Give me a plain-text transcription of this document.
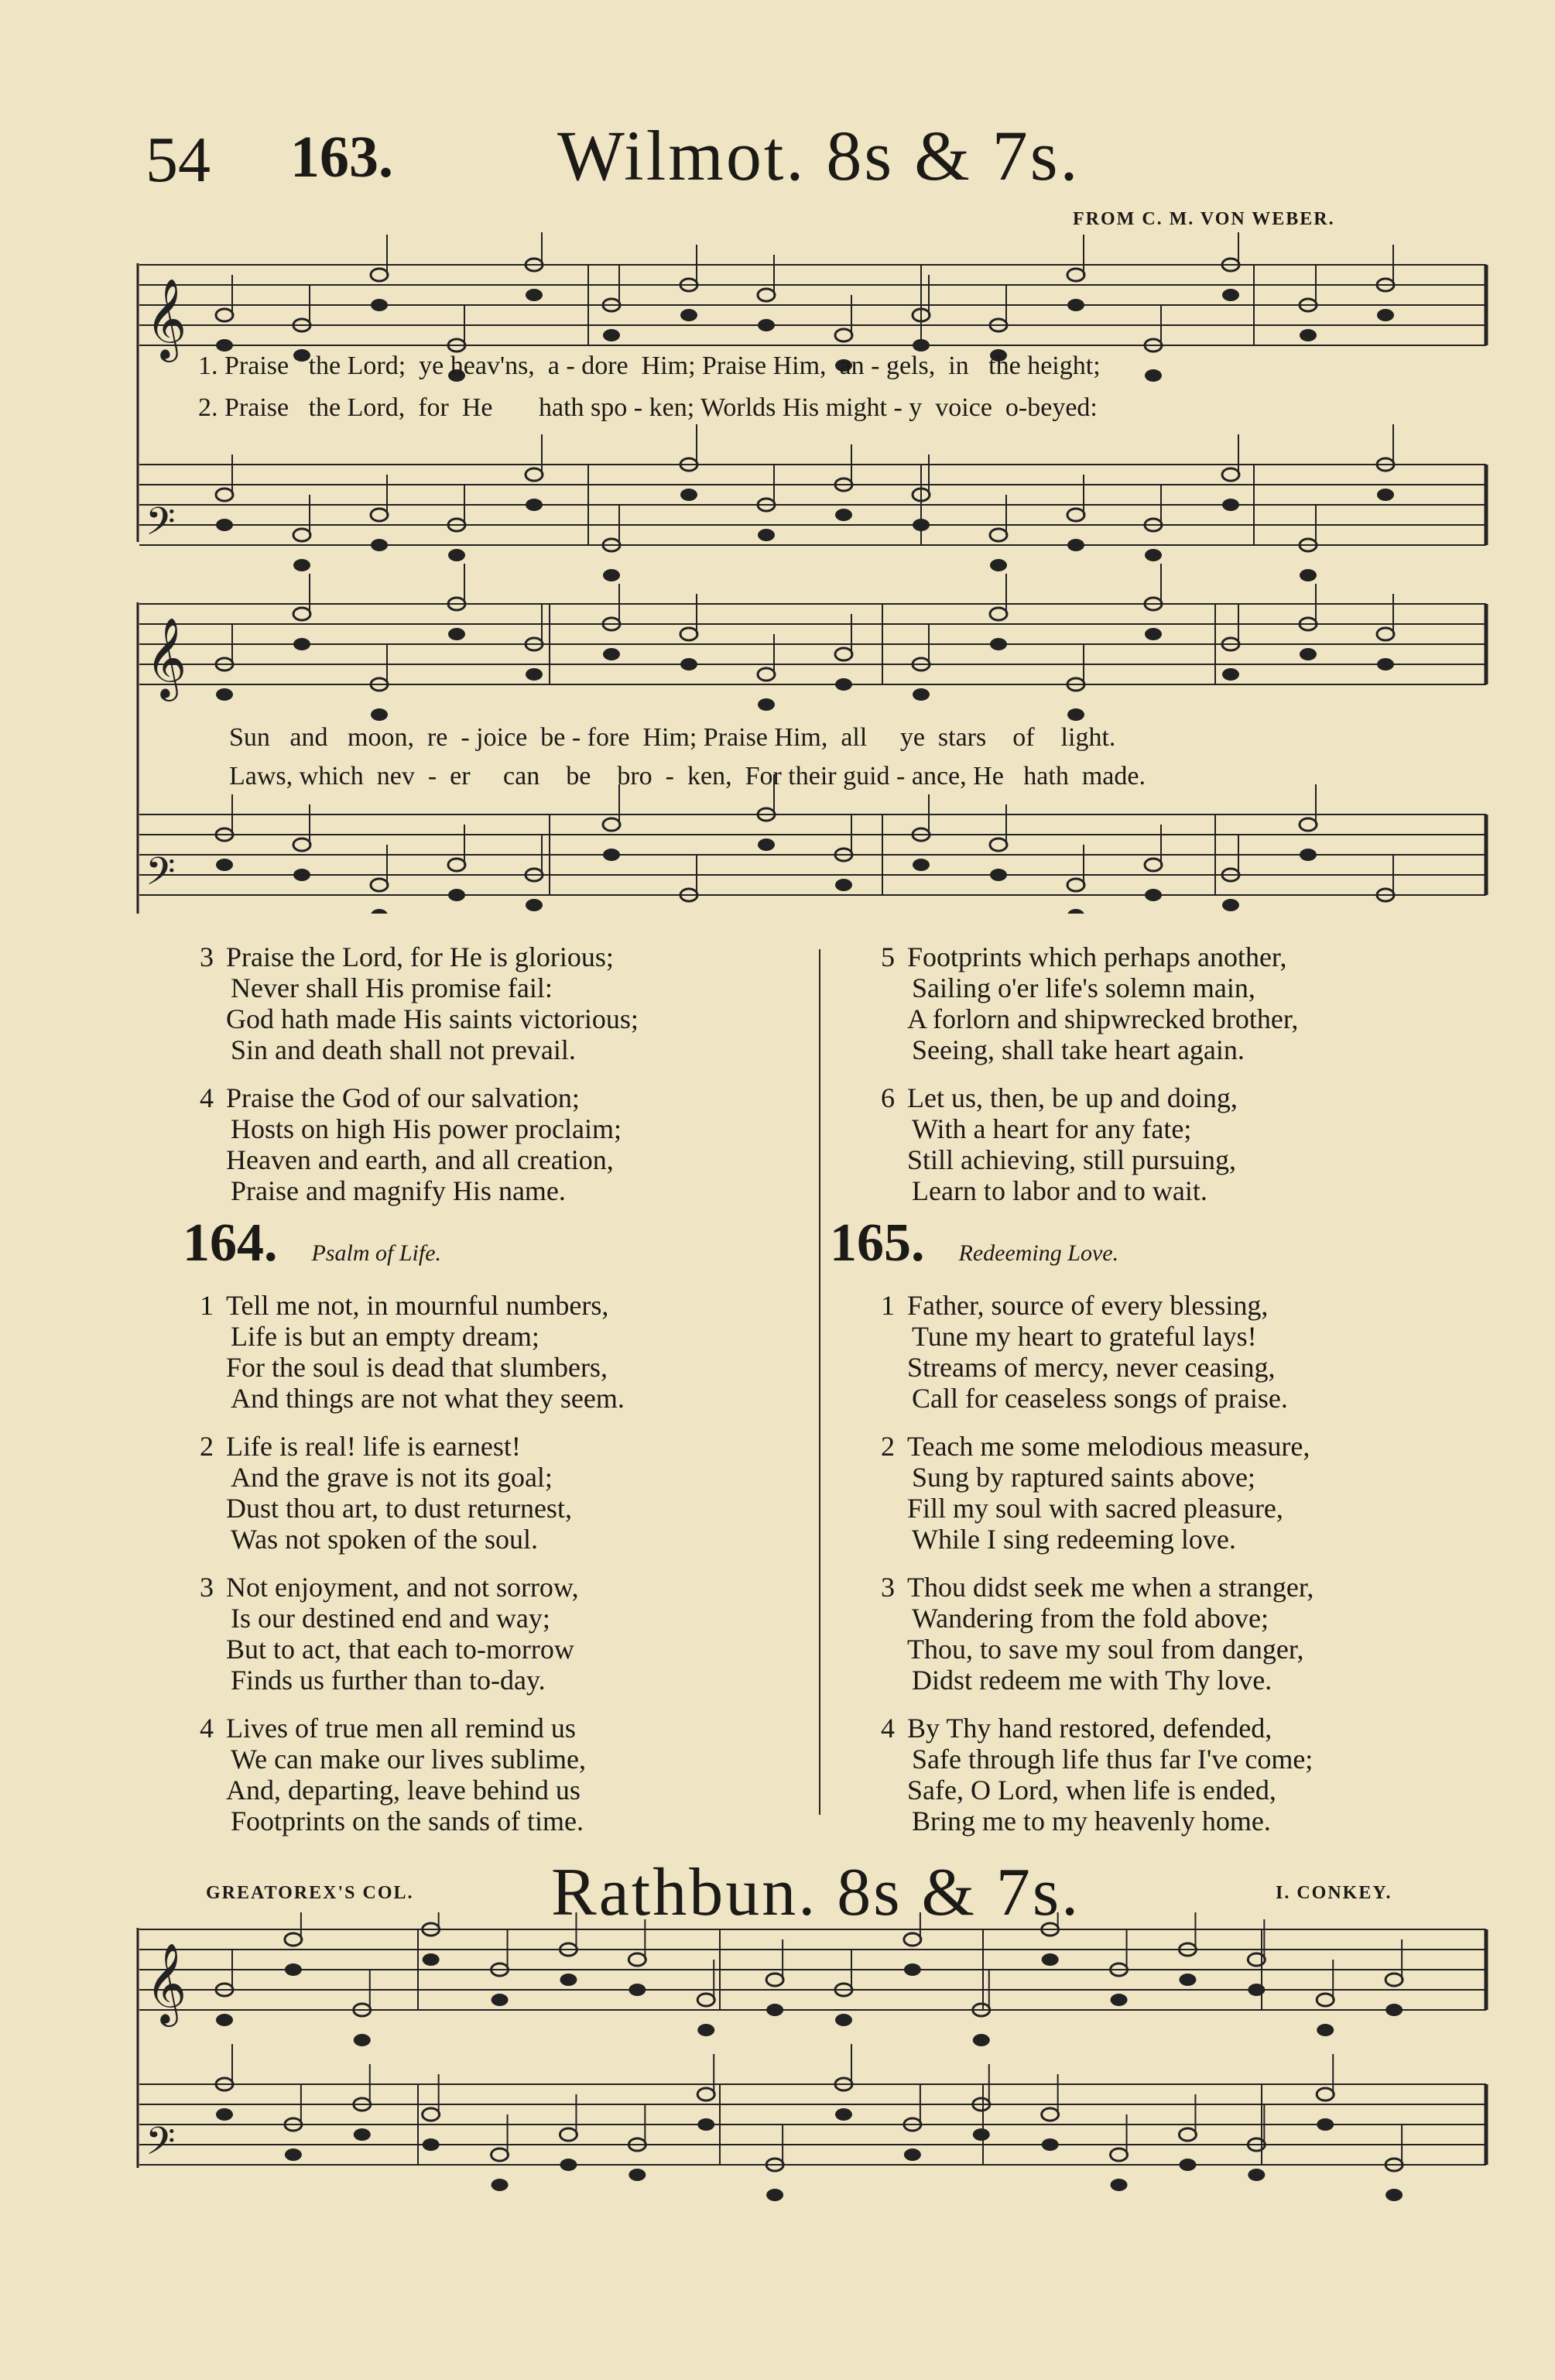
54 163. Wilmot. 8s & 7s.
FROM C. M. VON WEBER.
𝄞
𝄢
𝄞
𝄢
1. Praise   the Lord;  ye heav'ns,  a - dore  Him; Praise Him,  an - gels,  in   the height;
2. Praise   the Lord,  for  He       hath spo - ken; Worlds His might - y  voice  o-beyed:
Sun   and   moon,  re  - joice  be - fore  Him; Praise Him,  all     ye  stars    of    light.
Laws, which  nev  -  er     can    be    bro  -  ken,  For their guid - ance, He   hath  made.
3 Praise the Lord, for He is glorious;
Never shall His promise fail:
God hath made His saints victorious;
Sin and death shall not prevail.
4 Praise the God of our salvation;
Hosts on high His power proclaim;
Heaven and earth, and all creation,
Praise and magnify His name.
5 Footprints which perhaps another,
Sailing o'er life's solemn main,
A forlorn and shipwrecked brother,
Seeing, shall take heart again.
6 Let us, then, be up and doing,
With a heart for any fate;
Still achieving, still pursuing,
Learn to labor and to wait.
164. Psalm of Life.
1 Tell me not, in mournful numbers,
Life is but an empty dream;
For the soul is dead that slumbers,
And things are not what they seem.
2 Life is real! life is earnest!
And the grave is not its goal;
Dust thou art, to dust returnest,
Was not spoken of the soul.
3 Not enjoyment, and not sorrow,
Is our destined end and way;
But to act, that each to-morrow
Finds us further than to-day.
4 Lives of true men all remind us
We can make our lives sublime,
And, departing, leave behind us
Footprints on the sands of time.
165. Redeeming Love.
1 Father, source of every blessing,
Tune my heart to grateful lays!
Streams of mercy, never ceasing,
Call for ceaseless songs of praise.
2 Teach me some melodious measure,
Sung by raptured saints above;
Fill my soul with sacred pleasure,
While I sing redeeming love.
3 Thou didst seek me when a stranger,
Wandering from the fold above;
Thou, to save my soul from danger,
Didst redeem me with Thy love.
4 By Thy hand restored, defended,
Safe through life thus far I've come;
Safe, O Lord, when life is ended,
Bring me to my heavenly home.
GREATOREX'S COL. Rathbun. 8s & 7s.	I. CONKEY.
𝄞
𝄢
